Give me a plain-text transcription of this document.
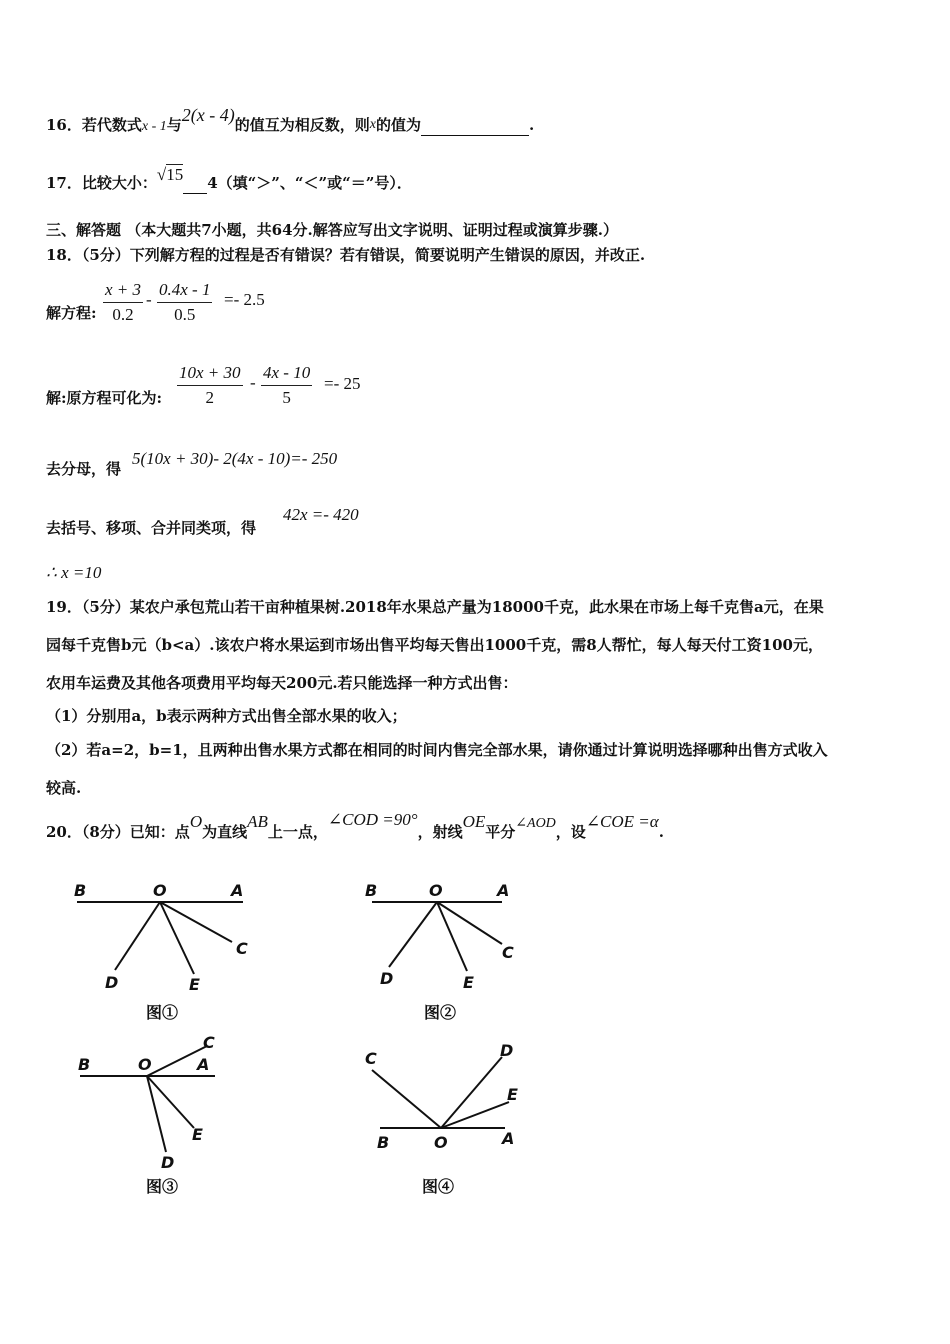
16．若代数式x - 1与2(x - 4)的值互为相反数，则x的值为	.
17．比较大小：√15 4（填“＞”、“＜”或“＝”号）．
三、解答题 （本大题共7小题，共64分.解答应写出文字说明、证明过程或演算步骤.）
18．（5分）下列解方程的过程是否有错误？若有错误，简要说明产生错误的原因，并改正.
解方程: $\frac{x + 3}{0.2} - \frac{0.4x - 1}{0.5} =- 2.5$
解:原方程可化为: $\frac{10x + 30}{2} - \frac{4x - 10}{5} =- 25$
去分母，得
5(10x + 30)- 2(4x - 10)=- 250
去括号、移项、合并同类项，得
42x =- 420
∴ x =10
19．（5分）某农户承包荒山若干亩种植果树.2018年水果总产量为18000千克，此水果在市场上每千克售a元，在果
园每千克售b元（b<a）.该农户将水果运到市场出售平均每天售出1000千克，需8人帮忙，每人每天付工资100元，
农用车运费及其他各项费用平均每天200元.若只能选择一种方式出售：
（1）分别用a，b表示两种方式出售全部水果的收入；
（2）若a=2，b=1，且两种出售水果方式都在相同的时间内售完全部水果，请你通过计算说明选择哪种出售方式收入
较高.
20．（8分）已知：点O为直线AB上一点，∠COD =90°，射线OE平分∠AOD，设∠COE =α.
B	O	A
C
D	E
图①
B	O	A
C
D	E
图②
B	O	A
C
D
E
图③
B	O	A
C	D
E
图④
